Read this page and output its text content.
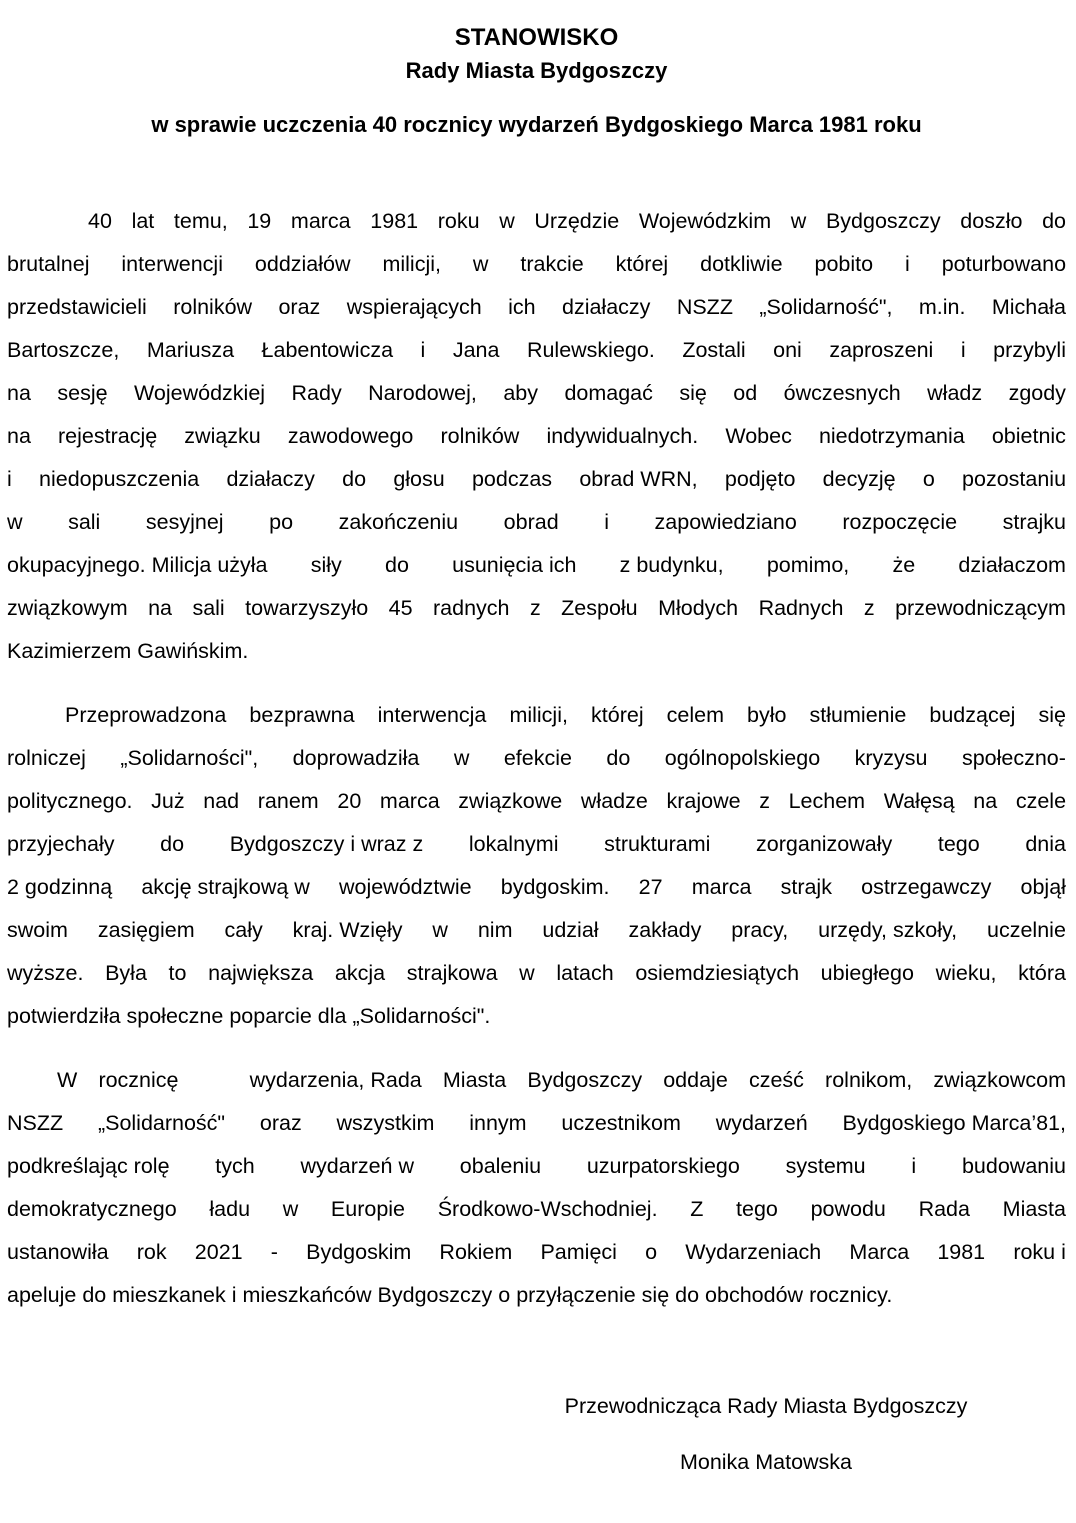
STANOWISKO
Rady Miasta Bydgoszczy
w sprawie uczczenia 40 rocznicy wydarzeń Bydgoskiego Marca 1981 roku
40 lat temu, 19 marca 1981 roku w Urzędzie Wojewódzkim w Bydgoszczy doszło do
brutalnej interwencji oddziałów milicji, w trakcie której dotkliwie pobito i poturbowano
przedstawicieli rolników oraz wspierających ich działaczy NSZZ „Solidarność", m.in. Michała
Bartoszcze, Mariusza Łabentowicza i Jana Rulewskiego. Zostali oni zaproszeni i przybyli
na sesję Wojewódzkiej Rady Narodowej, aby domagać się od ówczesnych władz zgody
na rejestrację związku zawodowego rolników indywidualnych. Wobec niedotrzymania obietnic
i niedopuszczenia działaczy do głosu podczas obrad WRN, podjęto decyzję o pozostaniu
w sali sesyjnej po zakończeniu obrad i zapowiedziano rozpoczęcie strajku
okupacyjnego. Milicja użyła siły do usunięcia ich z budynku, pomimo, że działaczom
związkowym na sali towarzyszyło 45 radnych z Zespołu Młodych Radnych z przewodniczącym
Kazimierzem Gawińskim.
Przeprowadzona bezprawna interwencja milicji, której celem było stłumienie budzącej się
rolniczej „Solidarności", doprowadziła w efekcie do ogólnopolskiego kryzysu społeczno-
politycznego. Już nad ranem 20 marca związkowe władze krajowe z Lechem Wałęsą na czele
przyjechały do Bydgoszczy i wraz z lokalnymi strukturami zorganizowały tego dnia
2 godzinną akcję strajkową w województwie bydgoskim. 27 marca strajk ostrzegawczy objął
swoim zasięgiem cały kraj. Wzięły w nim udział zakłady pracy, urzędy, szkoły, uczelnie
wyższe. Była to największa akcja strajkowa w latach osiemdziesiątych ubiegłego wieku, która
potwierdziła społeczne poparcie dla „Solidarności".
W rocznicę	wydarzenia, Rada Miasta Bydgoszczy oddaje cześć rolnikom, związkowcom
NSZZ „Solidarność" oraz wszystkim innym uczestnikom wydarzeń Bydgoskiego Marca’81,
podkreślając rolę tych wydarzeń w obaleniu uzurpatorskiego systemu i budowaniu
demokratycznego ładu w Europie Środkowo-Wschodniej. Z tego powodu Rada Miasta
ustanowiła rok 2021 - Bydgoskim Rokiem Pamięci o Wydarzeniach Marca 1981 roku i
apeluje do mieszkanek i mieszkańców Bydgoszczy o przyłączenie się do obchodów rocznicy.
Przewodnicząca Rady Miasta Bydgoszczy
Monika Matowska
